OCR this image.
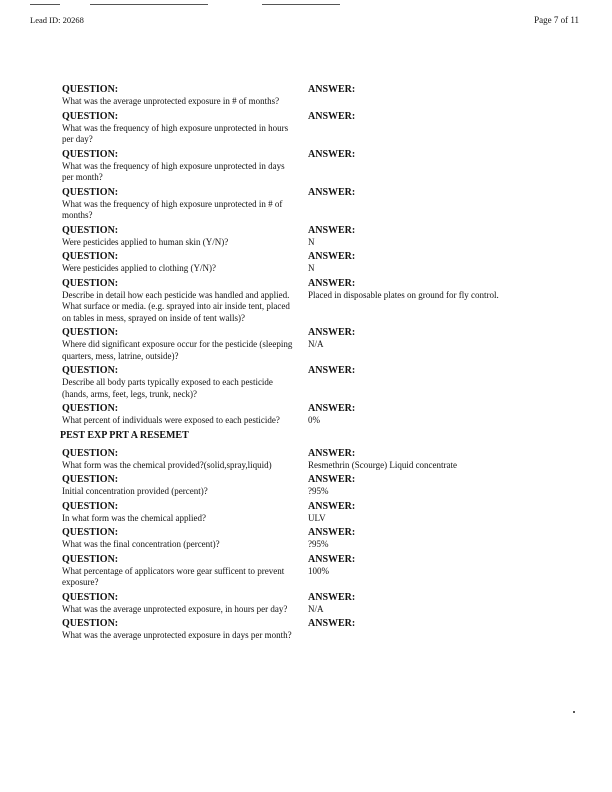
Lead ID: 20268	Page 7 of 11
QUESTION:
What was the average unprotected exposure in # of months?
ANSWER:
QUESTION:
What was the frequency of high exposure unprotected in hours per day?
ANSWER:
QUESTION:
What was the frequency of high exposure unprotected in days per month?
ANSWER:
QUESTION:
What was the frequency of high exposure unprotected in # of months?
ANSWER:
QUESTION:
Were pesticides applied to human skin (Y/N)?
ANSWER:
N
QUESTION:
Were pesticides applied to clothing (Y/N)?
ANSWER:
N
QUESTION:
Describe in detail how each pesticide was handled and applied. What surface or media. (e.g. sprayed into air inside tent, placed on tables in mess, sprayed on inside of tent walls)?
ANSWER:
Placed in disposable plates on ground for fly control.
QUESTION:
Where did significant exposure occur for the pesticide (sleeping quarters, mess, latrine, outside)?
ANSWER:
N/A
QUESTION:
Describe all body parts typically exposed to each pesticide (hands, arms, feet, legs, trunk, neck)?
ANSWER:
QUESTION:
What percent of individuals were exposed to each pesticide?
ANSWER:
0%
PEST EXP PRT A RESEMET
QUESTION:
What form was the chemical provided?(solid,spray,liquid)
ANSWER:
Resmethrin (Scourge) Liquid concentrate
QUESTION:
Initial concentration provided (percent)?
ANSWER:
?95%
QUESTION:
In what form was the chemical applied?
ANSWER:
ULV
QUESTION:
What was the final concentration (percent)?
ANSWER:
?95%
QUESTION:
What percentage of applicators wore gear sufficent to prevent exposure?
ANSWER:
100%
QUESTION:
What was the average unprotected exposure, in hours per day?
ANSWER:
N/A
QUESTION:
What was the average unprotected exposure in days per month?
ANSWER:
